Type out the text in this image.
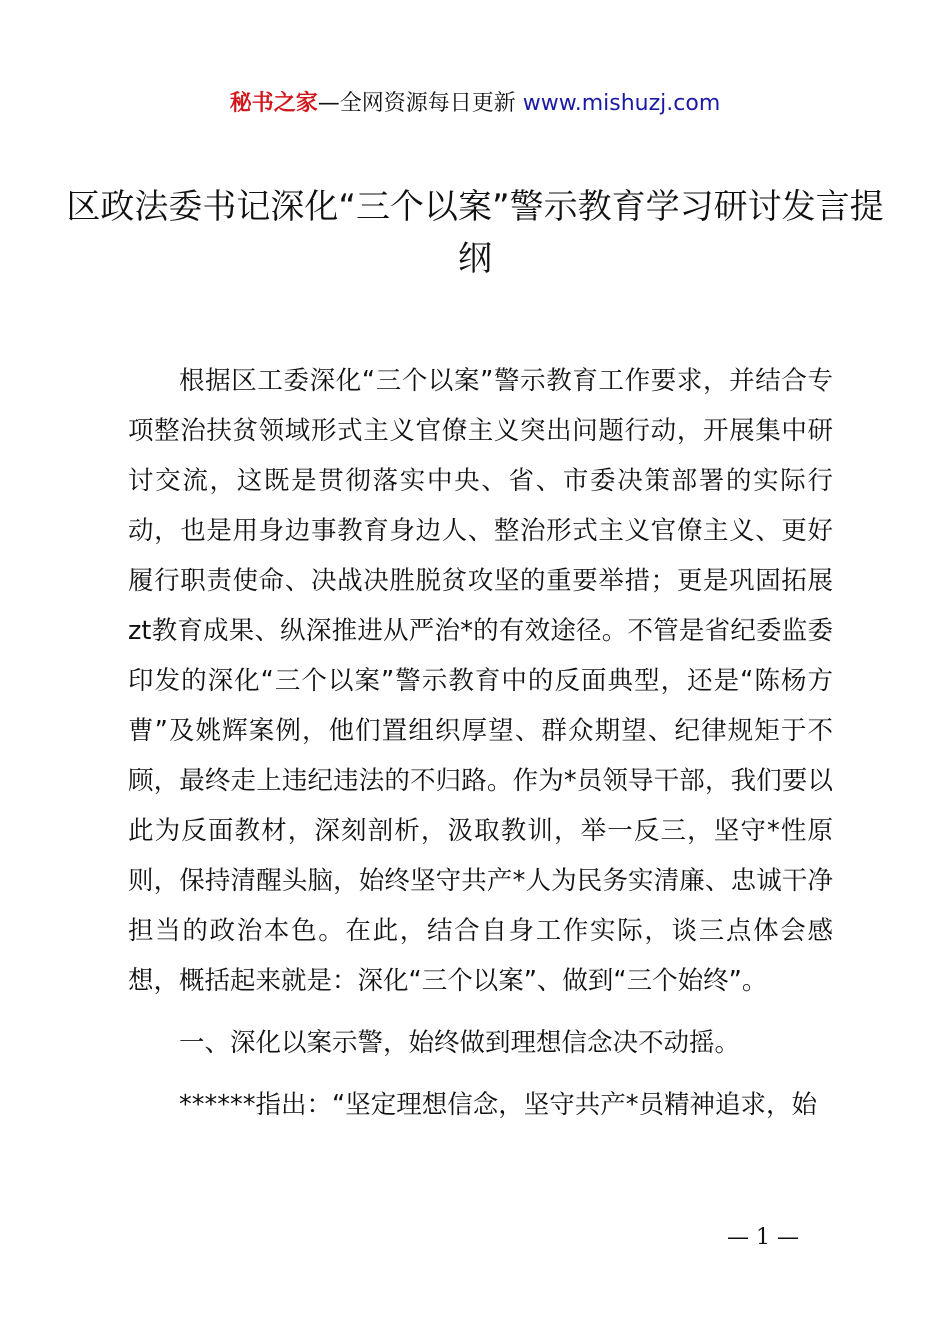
秘书之家—全网资源每日更新 www.mishuzj.com
区政法委书记深化“三个以案”警示教育学习研讨发言提纲

根据区工委深化“三个以案”警示教育工作要求，并结合专项整治扶贫领域形式主义官僚主义突出问题行动，开展集中研讨交流，这既是贯彻落实中央、省、市委决策部署的实际行动，也是用身边事教育身边人、整治形式主义官僚主义、更好履行职责使命、决战决胜脱贫攻坚的重要举措；更是巩固拓展zt教育成果、纵深推进从严治*的有效途径。不管是省纪委监委印发的深化“三个以案”警示教育中的反面典型，还是“陈杨方曹”及姚辉案例，他们置组织厚望、群众期望、纪律规矩于不顾，最终走上违纪违法的不归路。作为*员领导干部，我们要以此为反面教材，深刻剖析，汲取教训，举一反三，坚守*性原则，保持清醒头脑，始终坚守共产*人为民务实清廉、忠诚干净担当的政治本色。在此，结合自身工作实际，谈三点体会感想，概括起来就是：深化“三个以案”、做到“三个始终”。

一、深化以案示警，始终做到理想信念决不动摇。

******指出：“坚定理想信念，坚守共产*员精神追求，始

— 1 —
